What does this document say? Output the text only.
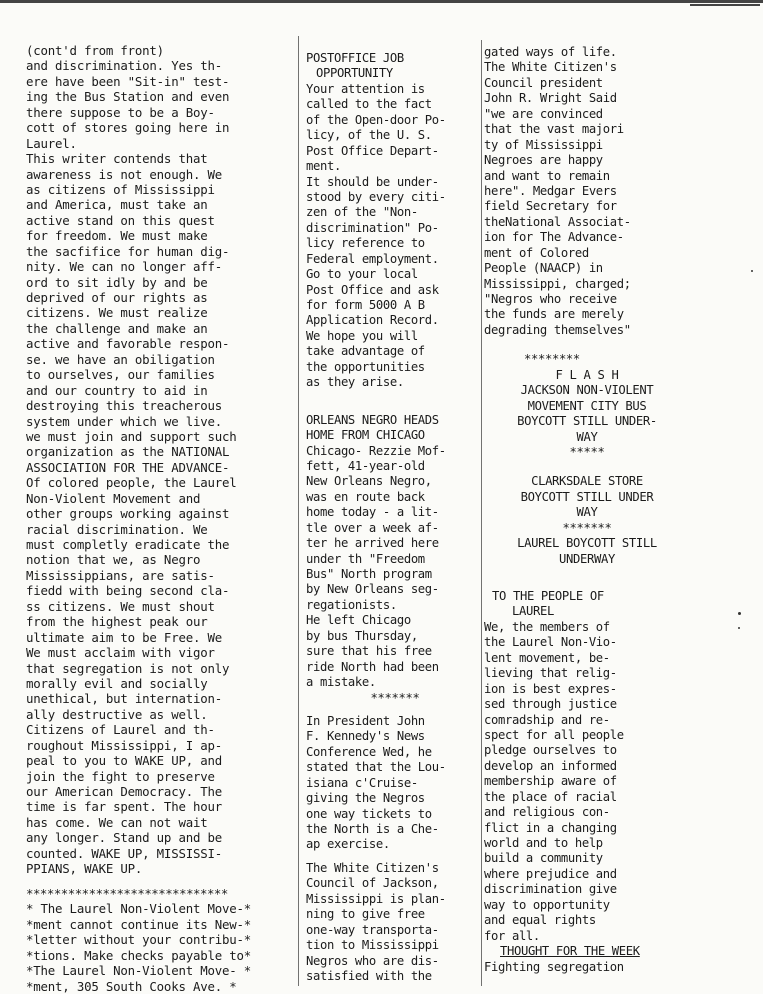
(cont'd from front)
and discrimination. Yes th-
ere have been "Sit-in" test-
ing the Bus Station and even
there suppose to be a Boy-
cott of stores going here in
Laurel.
This writer contends that
awareness is not enough. We
as citizens of Mississippi
and America, must take an
active stand on this quest
for freedom. We must make
the sacfifice for human dig-
nity. We can no longer aff-
ord to sit idly by and be
deprived of our rights as
citizens. We must realize
the challenge and make an
active and favorable respon-
se. we have an obiligation
to ourselves, our families
and our country to aid in
destroying this treacherous
system under which we live.
we must join and support such
organization as the NATIONAL
ASSOCIATION FOR THE ADVANCE-
Of colored people, the Laurel
Non-Violent Movement and
other groups working against
racial discrimination. We
must completly eradicate the
notion that we, as Negro
Mississippians, are satis-
fiedd with being second cla-
ss citizens. We must shout
from the highest peak our
ultimate aim to be Free. We
We must acclaim with vigor
that segregation is not only
morally evil and socially
unethical, but internation-
ally destructive as well.
Citizens of Laurel and th-
roughout Mississippi, I ap-
peal to you to WAKE UP, and
join the fight to preserve
our American Democracy. The
time is far spent. The hour
has come. We can not wait
any longer. Stand up and be
counted. WAKE UP, MISSISSI-
PPIANS, WAKE UP.
*****************************
* The Laurel Non-Violent Move-*
*ment cannot continue its New-*
*letter without your contribu-*
*tions. Make checks payable to*
*The Laurel Non-Violent Move- *
*ment, 305 South Cooks Ave. *
POSTOFFICE JOB
OPPORTUNITY
Your attention is
called to the fact
of the Open-door Po-
licy, of the U. S.
Post Office Depart-
ment.
It should be under-
stood by every citi-
zen of the "Non-
discrimination" Po-
licy reference to
Federal employment.
Go to your local
Post Office and ask
for form 5000 A B
Application Record.
We hope you will
take advantage of
the opportunities
as they arise.
ORLEANS NEGRO HEADS
HOME FROM CHICAGO
Chicago- Rezzie Mof-
fett, 41-year-old
New Orleans Negro,
was en route back
home today - a lit-
tle over a week af-
ter he arrived here
under th "Freedom
Bus" North program
by New Orleans seg-
regationists.
He left Chicago
by bus Thursday,
sure that his free
ride North had been
a mistake.
*******
In President John
F. Kennedy's News
Conference Wed, he
stated that the Lou-
isiana c'Cruise-
giving the Negros
one way tickets to
the North is a Che-
ap exercise.
The White Citizen's
Council of Jackson,
Mississippi is plan-
ning to give free
one-way transporta-
tion to Mississippi
Negros who are dis-
satisfied with the
gated ways of life.
The White Citizen's
Council president
John R. Wright Said
"we are convinced
that the vast majori
ty of Mississippi
Negroes are happy
and want to remain
here". Medgar Evers
field Secretary for
theNational Associat-
ion for The Advance-
ment of Colored
People (NAACP) in
Mississippi, charged;
"Negros who receive
the funds are merely
degrading themselves"
********
F L A S H
JACKSON NON-VIOLENT
MOVEMENT CITY BUS
BOYCOTT STILL UNDER-
WAY
*****
CLARKSDALE STORE
BOYCOTT STILL UNDER
WAY
*******
LAUREL BOYCOTT STILL
UNDERWAY
TO THE PEOPLE OF
LAUREL
We, the members of
the Laurel Non-Vio-
lent movement, be-
lieving that relig-
ion is best expres-
sed through justice
comradship and re-
spect for all people
pledge ourselves to
develop an informed
membership aware of
the place of racial
and religious con-
flict in a changing
world and to help
build a community
where prejudice and
discrimination give
way to opportunity
and equal rights
for all.
THOUGHT FOR THE WEEK
Fighting segregation
